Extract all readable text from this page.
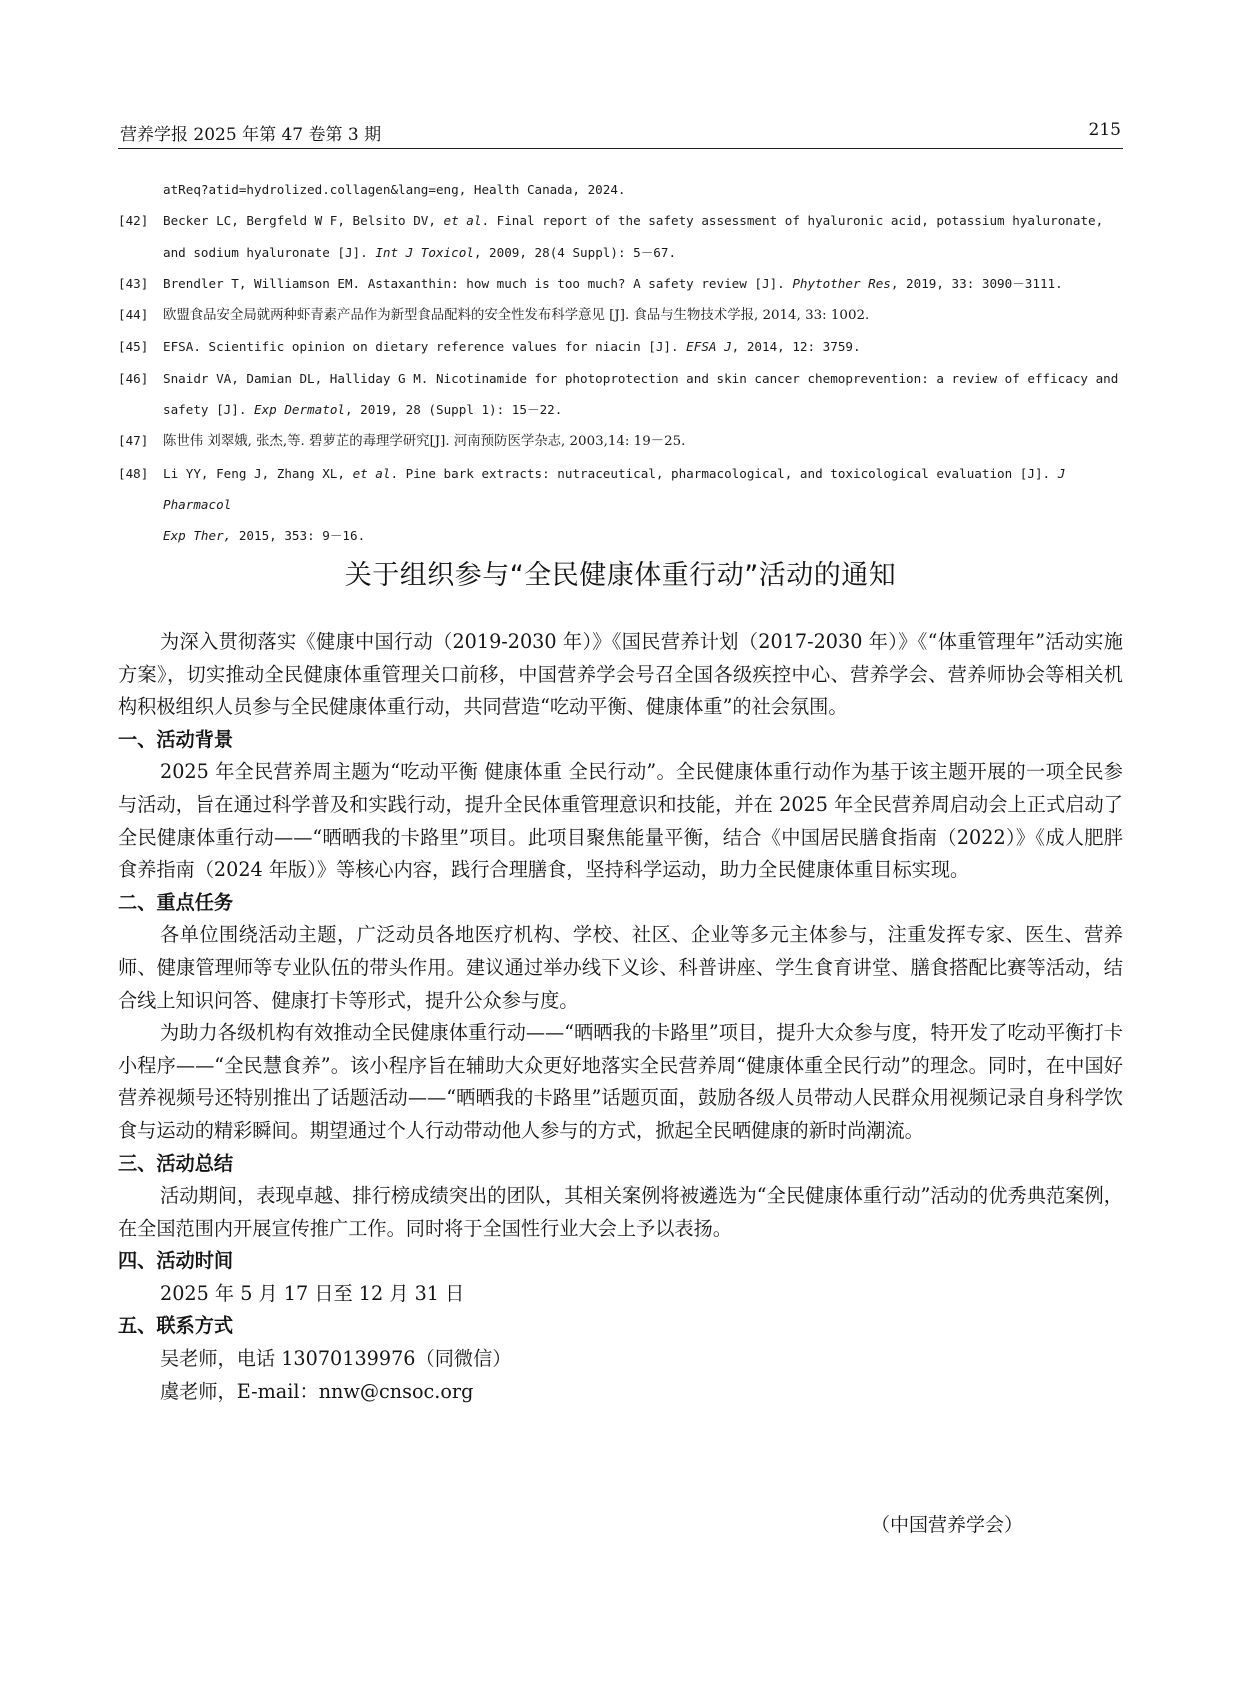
营养学报 2025 年第 47 卷第 3 期	215
atReq?atid=hydrolized.collagen&lang=eng, Health Canada, 2024.
[42] Becker LC, Bergfeld W F, Belsito DV, et al. Final report of the safety assessment of hyaluronic acid, potassium hyaluronate,
and sodium hyaluronate [J]. Int J Toxicol, 2009, 28(4 Suppl): 5－67.
[43] Brendler T, Williamson EM. Astaxanthin: how much is too much? A safety review [J]. Phytother Res, 2019, 33: 3090－3111.
[44] 欧盟食品安全局就两种虾青素产品作为新型食品配料的安全性发布科学意见 [J]. 食品与生物技术学报, 2014, 33: 1002.
[45] EFSA. Scientific opinion on dietary reference values for niacin [J]. EFSA J, 2014, 12: 3759.
[46] Snaidr VA, Damian DL, Halliday G M. Nicotinamide for photoprotection and skin cancer chemoprevention: a review of efficacy and
safety [J]. Exp Dermatol, 2019, 28 (Suppl 1): 15－22.
[47] 陈世伟 刘翠娥, 张杰,等. 碧萝芷的毒理学研究[J]. 河南预防医学杂志, 2003,14: 19－25.
[48] Li YY, Feng J, Zhang XL, et al. Pine bark extracts: nutraceutical, pharmacological, and toxicological evaluation [J]. J Pharmacol
Exp Ther, 2015, 353: 9－16.
关于组织参与“全民健康体重行动”活动的通知

为深入贯彻落实《健康中国行动（2019-2030 年）》《国民营养计划（2017-2030 年）》《“体重管理年”活动实施方案》，切实推动全民健康体重管理关口前移，中国营养学会号召全国各级疾控中心、营养学会、营养师协会等相关机构积极组织人员参与全民健康体重行动，共同营造“吃动平衡、健康体重”的社会氛围。

一、活动背景

2025 年全民营养周主题为“吃动平衡 健康体重 全民行动”。全民健康体重行动作为基于该主题开展的一项全民参与活动，旨在通过科学普及和实践行动，提升全民体重管理意识和技能，并在 2025 年全民营养周启动会上正式启动了全民健康体重行动——“晒晒我的卡路里”项目。此项目聚焦能量平衡，结合《中国居民膳食指南（2022）》《成人肥胖食养指南（2024 年版）》等核心内容，践行合理膳食，坚持科学运动，助力全民健康体重目标实现。

二、重点任务

各单位围绕活动主题，广泛动员各地医疗机构、学校、社区、企业等多元主体参与，注重发挥专家、医生、营养师、健康管理师等专业队伍的带头作用。建议通过举办线下义诊、科普讲座、学生食育讲堂、膳食搭配比赛等活动，结合线上知识问答、健康打卡等形式，提升公众参与度。

为助力各级机构有效推动全民健康体重行动——“晒晒我的卡路里”项目，提升大众参与度，特开发了吃动平衡打卡小程序——“全民慧食养”。该小程序旨在辅助大众更好地落实全民营养周“健康体重全民行动”的理念。同时，在中国好营养视频号还特别推出了话题活动——“晒晒我的卡路里”话题页面，鼓励各级人员带动人民群众用视频记录自身科学饮食与运动的精彩瞬间。期望通过个人行动带动他人参与的方式，掀起全民晒健康的新时尚潮流。

三、活动总结

活动期间，表现卓越、排行榜成绩突出的团队，其相关案例将被遴选为“全民健康体重行动”活动的优秀典范案例，在全国范围内开展宣传推广工作。同时将于全国性行业大会上予以表扬。

四、活动时间
2025 年 5 月 17 日至 12 月 31 日
五、联系方式
吴老师，电话 13070139976（同微信）
虞老师，E-mail：nnw@cnsoc.org
（中国营养学会）
